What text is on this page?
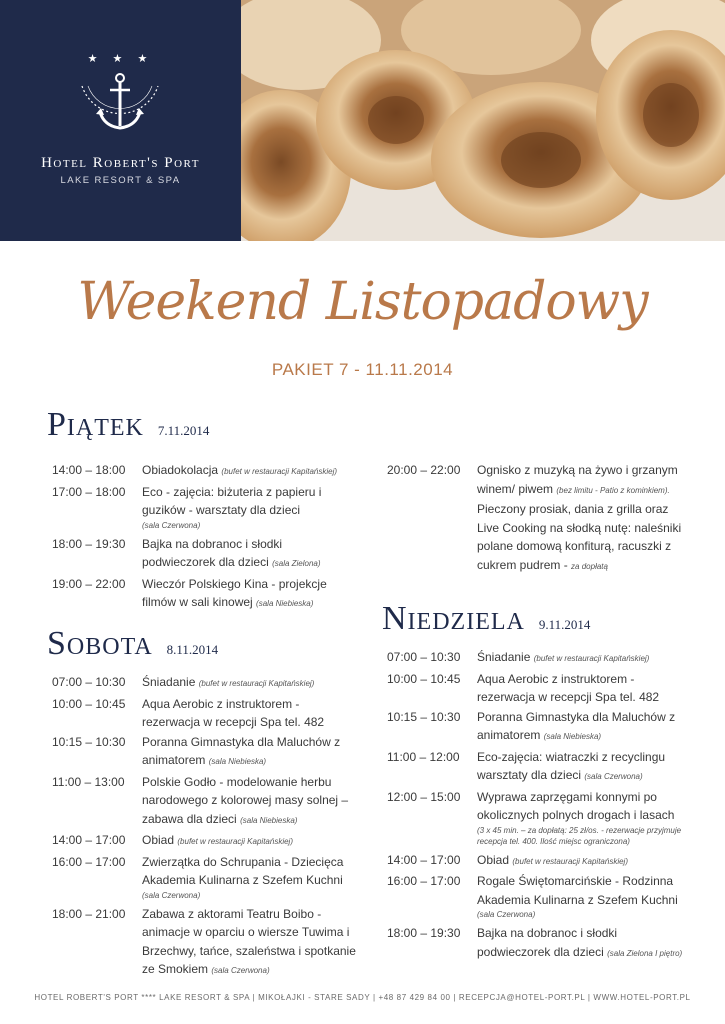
★ ★ ★
Hotel Robert's Port
LAKE RESORT & SPA
Weekend Listopadowy
PAKIET 7 - 11.11.2014
Piątek 7.11.2014
14:00 – 18:00	Obiadokolacja (bufet w restauracji Kapitańskiej)
17:00 – 18:00	Eco - zajęcia: biżuteria z papieru i guzików - warsztaty dla dzieci
(sala Czerwona)
18:00 – 19:30	Bajka na dobranoc i słodki podwieczorek dla dzieci (sala Zielona)
19:00 – 22:00	Wieczór Polskiego Kina - projekcje filmów w sali kinowej (sala Niebieska)
20:00 – 22:00	Ognisko z muzyką na żywo i grzanym winem/ piwem (bez limitu - Patio z kominkiem). Pieczony prosiak, dania z grilla oraz Live Cooking na słodką nutę: naleśniki polane domową konfiturą, racuszki z cukrem pudrem - za dopłatą
Sobota 8.11.2014
07:00 – 10:30	Śniadanie (bufet w restauracji Kapitańskiej)
10:00 – 10:45	Aqua Aerobic z instruktorem - rezerwacja w recepcji Spa tel. 482
10:15 – 10:30	Poranna Gimnastyka dla Maluchów z animatorem (sala Niebieska)
11:00 – 13:00	Polskie Godło - modelowanie herbu narodowego z kolorowej masy solnej – zabawa dla dzieci (sala Niebieska)
14:00 – 17:00	Obiad (bufet w restauracji Kapitańskiej)
16:00 – 17:00	Zwierzątka do Schrupania - Dziecięca Akademia Kulinarna z Szefem Kuchni
(sala Czerwona)
18:00 – 21:00	Zabawa z aktorami Teatru Boibo - animacje w oparciu o wiersze Tuwima i Brzechwy, tańce, szaleństwa i spotkanie ze Smokiem (sala Czerwona)
Niedziela 9.11.2014
07:00 – 10:30	Śniadanie (bufet w restauracji Kapitańskiej)
10:00 – 10:45	Aqua Aerobic z instruktorem - rezerwacja w recepcji Spa tel. 482
10:15 – 10:30	Poranna Gimnastyka dla Maluchów z animatorem (sala Niebieska)
11:00 – 12:00	Eco-zajęcia: wiatraczki z recyclingu warsztaty dla dzieci (sala Czerwona)
12:00 – 15:00	Wyprawa zaprzęgami konnymi po okolicznych polnych drogach i lasach
(3 x 45 min. – za dopłatą: 25 zł/os. - rezerwacje przyjmuje recepcja tel. 400. Ilość miejsc ograniczona)
14:00 – 17:00	Obiad (bufet w restauracji Kapitańskiej)
16:00 – 17:00	Rogale Świętomarcińskie - Rodzinna Akademia Kulinarna z Szefem Kuchni
(sala Czerwona)
18:00 – 19:30	Bajka na dobranoc i słodki podwieczorek dla dzieci (sala Zielona I piętro)
HOTEL ROBERT'S PORT **** LAKE RESORT & SPA | MIKOŁAJKI - STARE SADY | +48 87 429 84 00 | RECEPCJA@HOTEL-PORT.PL | WWW.HOTEL-PORT.PL
